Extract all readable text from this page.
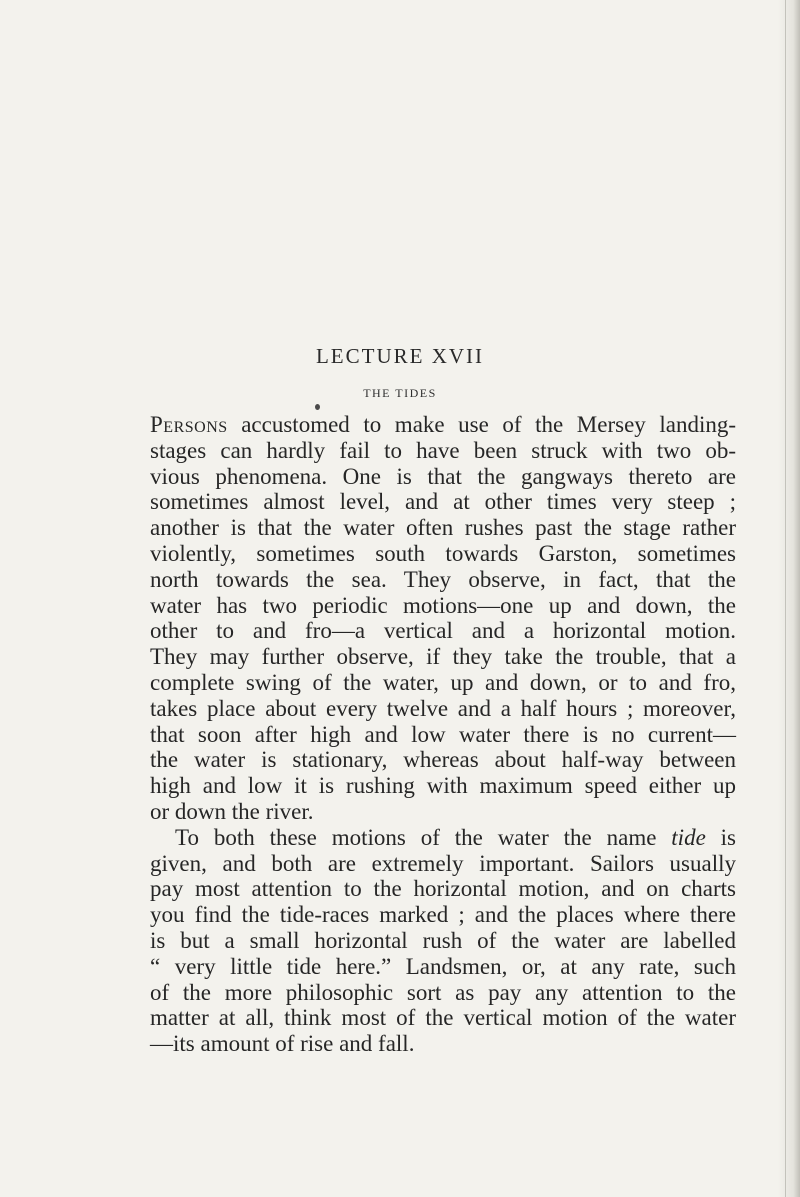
LECTURE XVII
THE TIDES

Persons accustomed to make use of the Mersey landing-
stages can hardly fail to have been struck with two ob-
vious phenomena. One is that the gangways thereto are
sometimes almost level, and at other times very steep ;
another is that the water often rushes past the stage rather
violently, sometimes south towards Garston, sometimes
north towards the sea. They observe, in fact, that the
water has two periodic motions—one up and down, the
other to and fro—a vertical and a horizontal motion.
They may further observe, if they take the trouble, that a
complete swing of the water, up and down, or to and fro,
takes place about every twelve and a half hours ; moreover,
that soon after high and low water there is no current—
the water is stationary, whereas about half-way between
high and low it is rushing with maximum speed either up
or down the river.

To both these motions of the water the name tide is
given, and both are extremely important. Sailors usually
pay most attention to the horizontal motion, and on charts
you find the tide-races marked ; and the places where there
is but a small horizontal rush of the water are labelled
“ very little tide here.” Landsmen, or, at any rate, such
of the more philosophic sort as pay any attention to the
matter at all, think most of the vertical motion of the water
—its amount of rise and fall.
